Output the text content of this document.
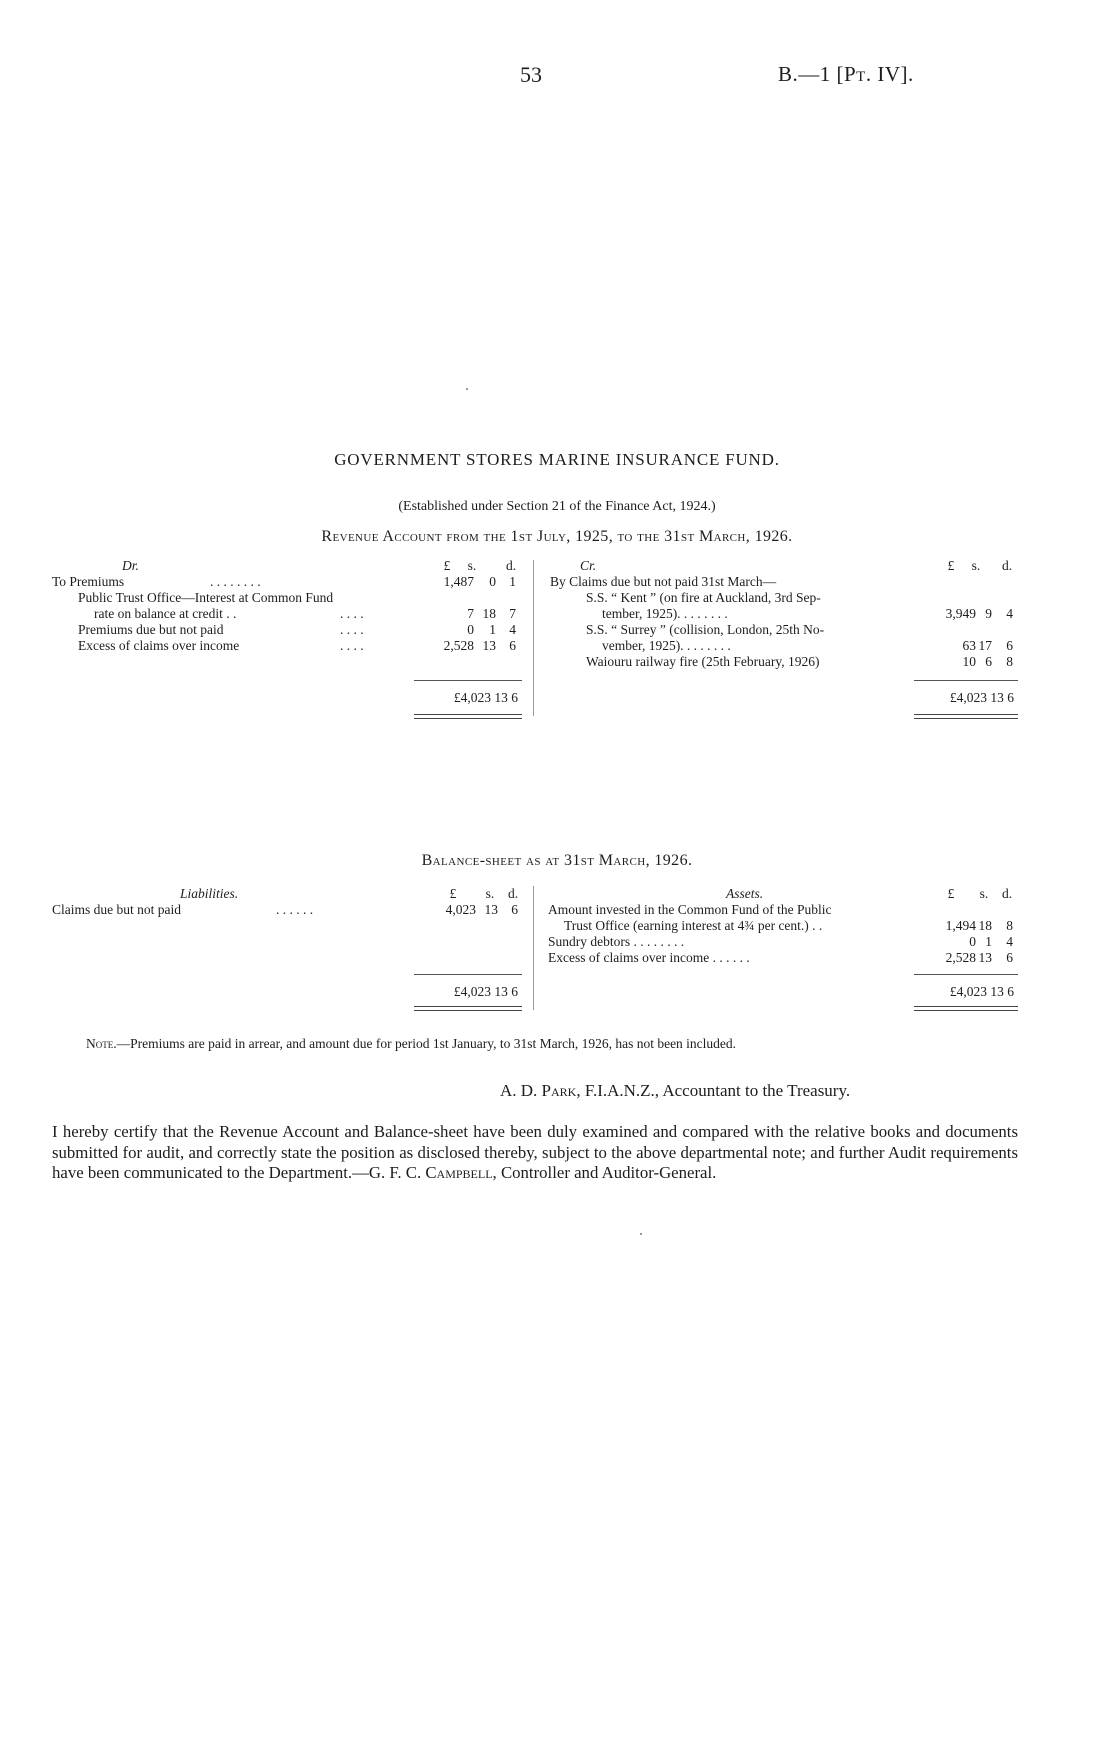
53	B.—1 [Pt. IV].
GOVERNMENT STORES MARINE INSURANCE FUND.
(Established under Section 21 of the Finance Act, 1924.)
Revenue Account from the 1st July, 1925, to the 31st March, 1926.
Dr.	£	s.	d.
To Premiums	. . . . . . . .	1,487	0 1
Public Trust Office—Interest at Common Fund
rate on balance at credit . .	. . . .	7 18 7
Premiums due but not paid	. . . .	0	1 4
Excess of claims over income	. . . .	2,528 13 6
£4,023 13 6
Cr.	£	s.	d.
By Claims due but not paid 31st March—
S.S. “ Kent ” (on fire at Auckland, 3rd Sep-
tember, 1925). . . . . . . .	3,949 9	4
S.S. “ Surrey ” (collision, London, 25th No-
vember, 1925). . . . . . . .	63 17	6
Waiouru railway fire (25th February, 1926)	10 6	8
£4,023 13 6
Balance-sheet as at 31st March, 1926.
Liabilities.	£	s.	d.
Claims due but not paid	. . . . . .	4,023 13 6
£4,023 13 6
Assets.	£	s.	d.
Amount invested in the Common Fund of the Public
Trust Office (earning interest at 4¾ per cent.) . .	1,494 18	8
Sundry debtors . . . . . . . .	0 1	4
Excess of claims over income . . . . . .	2,528 13	6
£4,023 13 6
Note.—Premiums are paid in arrear, and amount due for period 1st January, to 31st March, 1926, has not been included.
A. D. Park, F.I.A.N.Z., Accountant to the Treasury.
I hereby certify that the Revenue Account and Balance-sheet have been duly examined and compared with the relative books and documents submitted for audit, and correctly state the position as disclosed thereby, subject to the above departmental note; and further Audit requirements have been communicated to the Department.—G. F. C. Campbell, Controller and Auditor-General.
